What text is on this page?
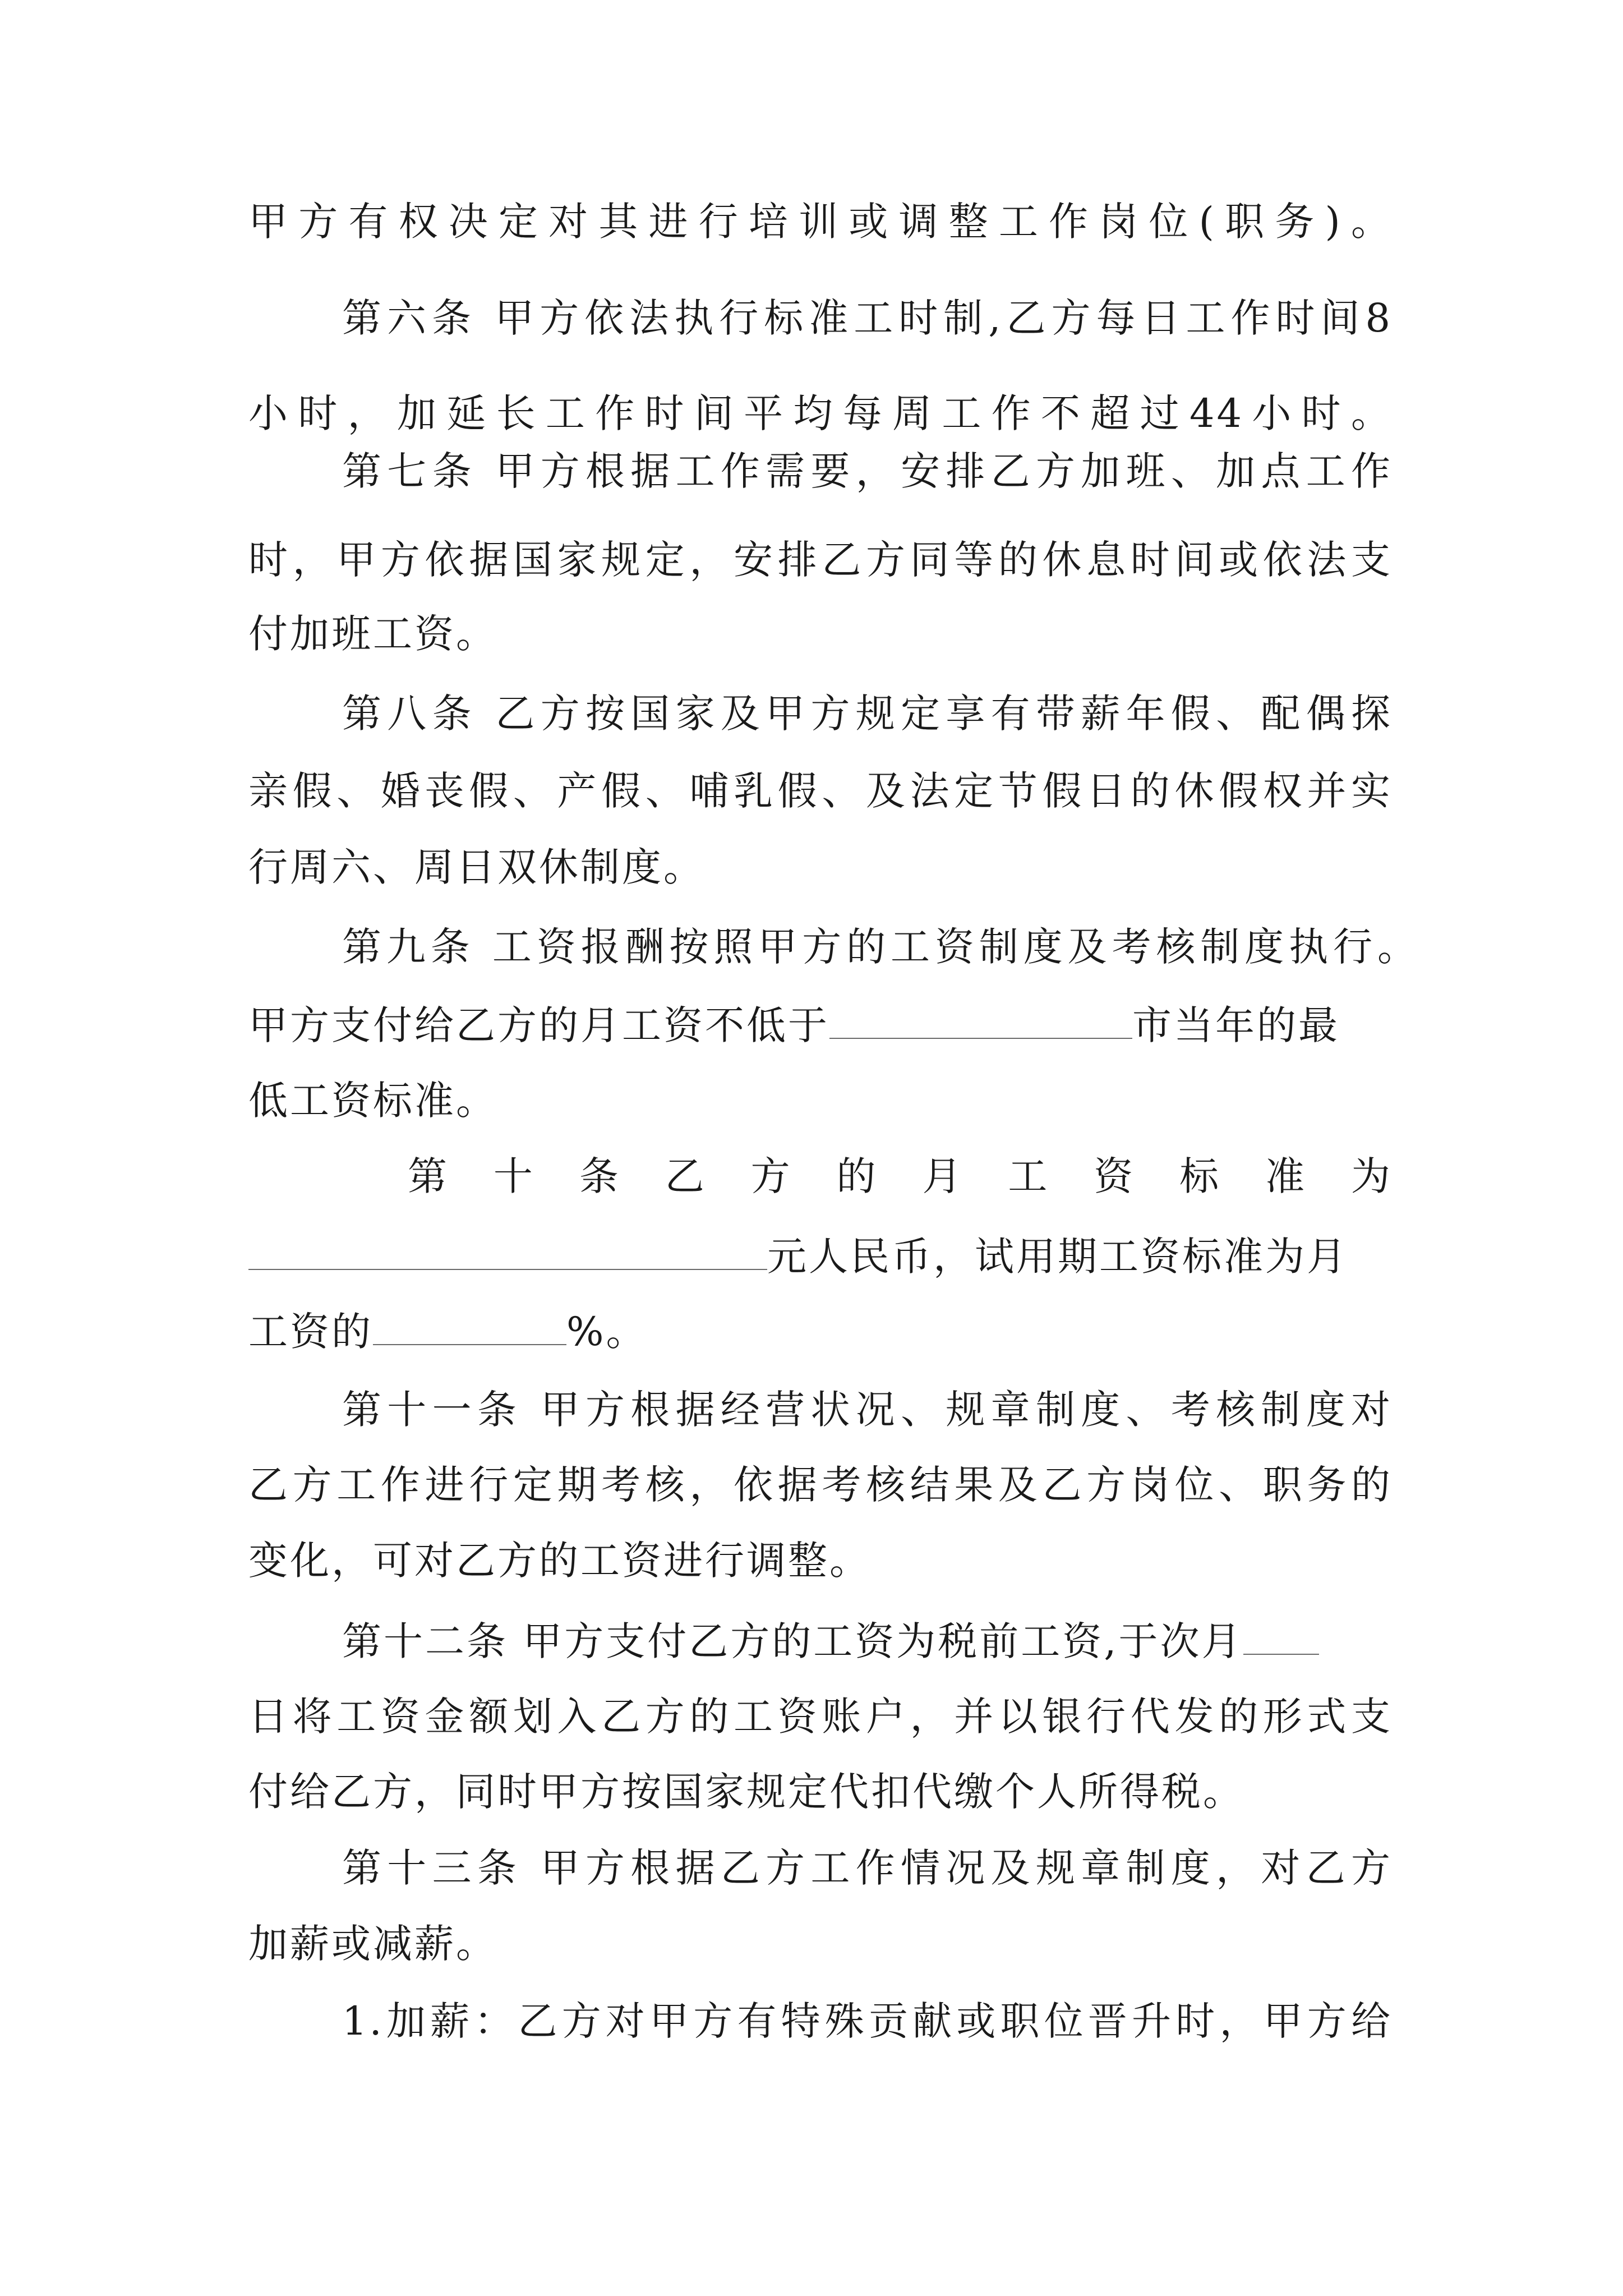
甲方有权决定对其进行培训或调整工作岗位(职务)。
第六条 甲方依法执行标准工时制,乙方每日工作时间8
小时，加延长工作时间平均每周工作不超过44小时。
第七条 甲方根据工作需要，安排乙方加班、加点工作
时，甲方依据国家规定，安排乙方同等的休息时间或依法支
付加班工资。
第八条 乙方按国家及甲方规定享有带薪年假、配偶探
亲假、婚丧假、产假、哺乳假、及法定节假日的休假权并实
行周六、周日双休制度。
第九条 工资报酬按照甲方的工资制度及考核制度执行。
甲方支付给乙方的月工资不低于	市当年的最
低工资标准。
第 十 条 乙 方 的 月 工 资 标 准 为
元人民币，试用期工资标准为月
工资的	%。
第十一条 甲方根据经营状况、规章制度、考核制度对
乙方工作进行定期考核，依据考核结果及乙方岗位、职务的
变化，可对乙方的工资进行调整。
第十二条 甲方支付乙方的工资为税前工资,于次月
日将工资金额划入乙方的工资账户，并以银行代发的形式支
付给乙方，同时甲方按国家规定代扣代缴个人所得税。
第十三条 甲方根据乙方工作情况及规章制度，对乙方
加薪或减薪。
1.加薪：乙方对甲方有特殊贡献或职位晋升时，甲方给
